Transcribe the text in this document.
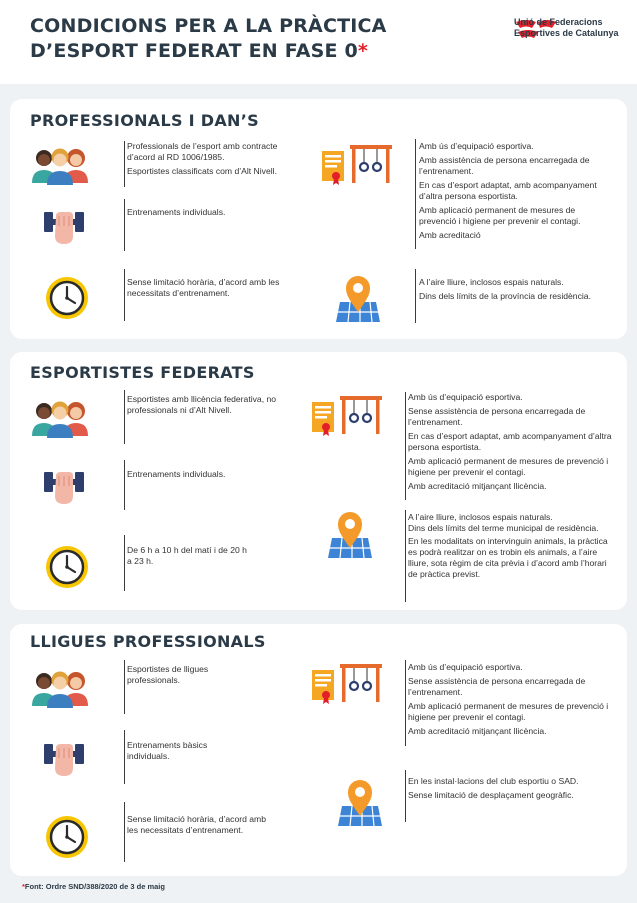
CONDICIONS PER A LA PRÀCTICA
D’ESPORT FEDERAT EN FASE 0*
Unió de Federacions
Esportives de Catalunya
PROFESSIONALS I DAN’S

Professionals de l’esport amb contracte d’acord al RD 1006/1985.

Esportistes classificats com d’Alt Nivell.

Entrenaments individuals.

Sense limitació horària, d’acord amb les necessitats d’entrenament.

Amb ús d’equipació esportiva.

Amb assistència de persona encarregada de l’entrenament.

En cas d’esport adaptat, amb acompanyament d’altra persona esportista.

Amb aplicació permanent de mesures de prevenció i higiene per prevenir el contagi.

Amb acreditació

A l’aire lliure, inclosos espais naturals.

Dins dels límits de la província de residència.

ESPORTISTES FEDERATS

Esportistes amb llicència federativa, no professionals ni d’Alt Nivell.

Entrenaments individuals.

De 6 h a 10 h del matí i de 20 h a 23 h.

Amb ús d’equipació esportiva.

Sense assistència de persona encarregada de l’entrenament.

En cas d’esport adaptat, amb acompanyament d’altra persona esportista.

Amb aplicació permanent de mesures de prevenció i higiene per prevenir el contagi.

Amb acreditació mitjançant llicència.

A l’aire lliure, inclosos espais naturals.

Dins dels límits del terme municipal de residència.

En les modalitats on intervinguin animals, la pràctica es podrà realitzar on es trobin els animals, a l’aire lliure, sota règim de cita prèvia i d’acord amb l’horari de pràctica previst.

LLIGUES PROFESSIONALS

Esportistes de lligues professionals.

Entrenaments bàsics individuals.

Sense limitació horària, d’acord amb les necessitats d’entrenament.

Amb ús d’equipació esportiva.

Sense assistència de persona encarregada de l’entrenament.

Amb aplicació permanent de mesures de prevenció i higiene per prevenir el contagi.

Amb acreditació mitjançant llicència.

En les instal·lacions del club esportiu o SAD.

Sense limitació de desplaçament geogràfic.

*Font: Ordre SND/388/2020 de 3 de maig
